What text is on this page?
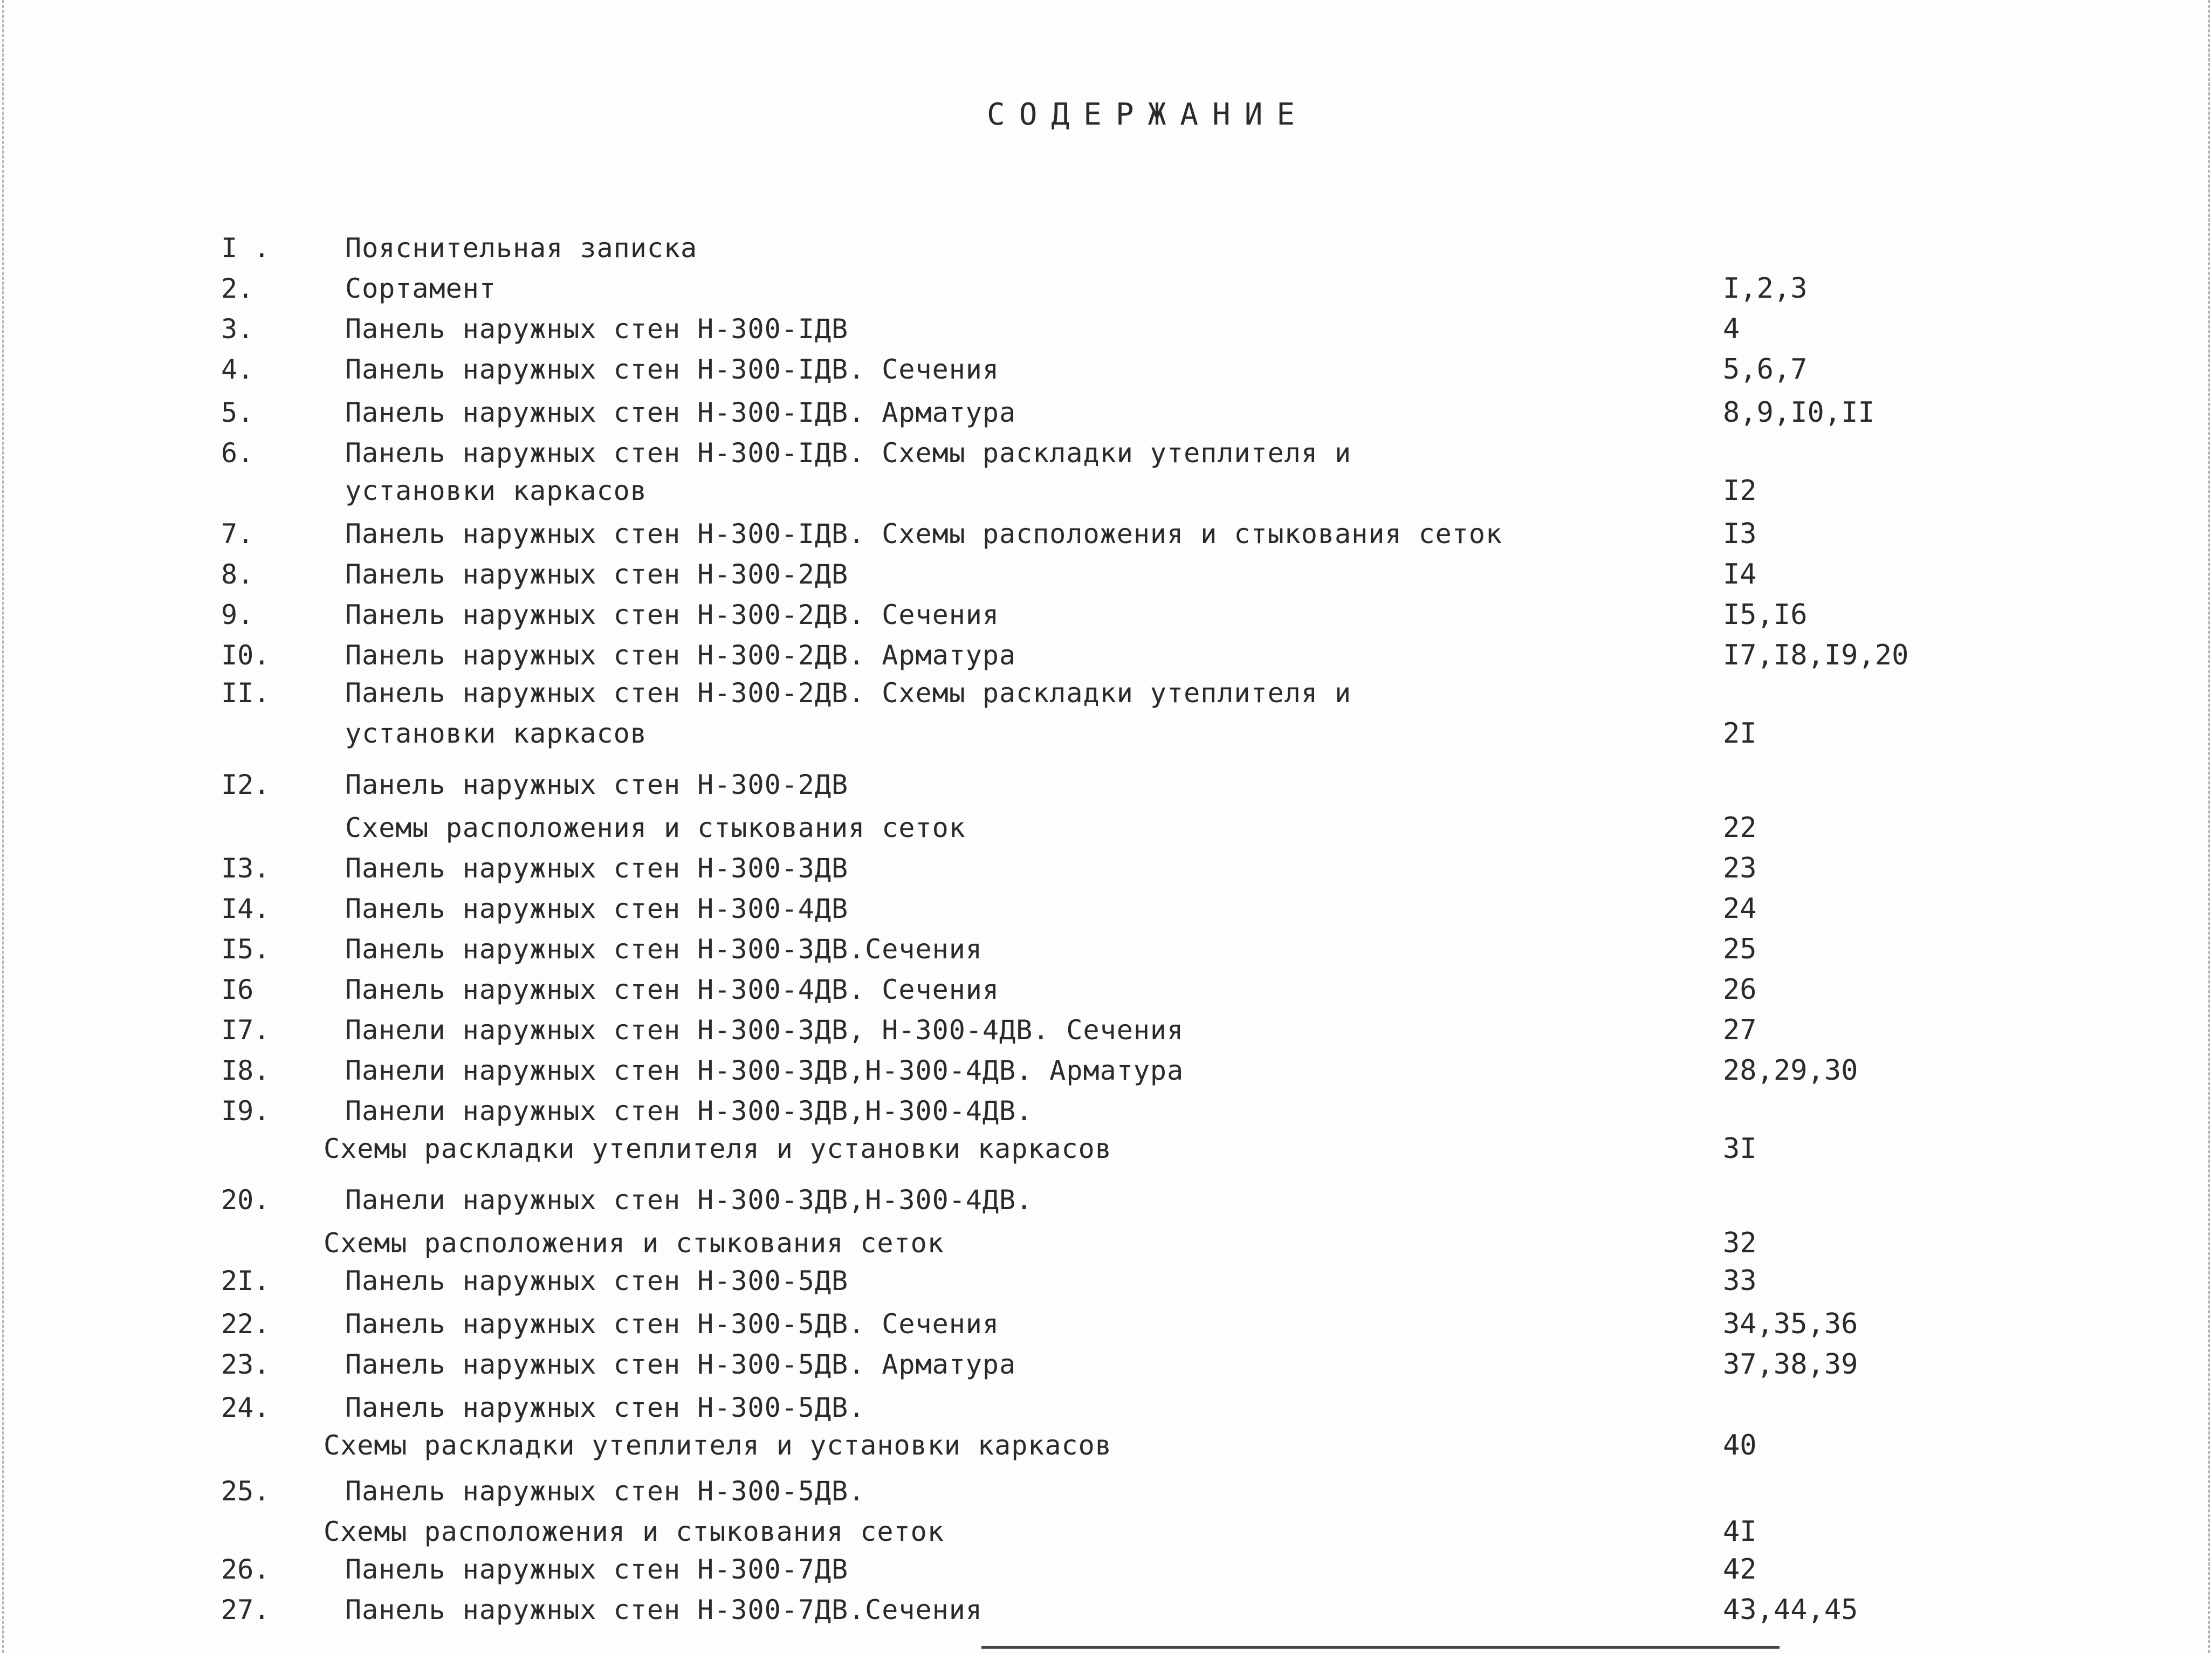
СОДЕРЖАНИЕ
I .	Пояснительная записка
2.	Сортамент	I,2,3
3.	Панель наружных стен Н-300-IДВ	4
4.	Панель наружных стен Н-300-IДВ. Сечения	5,6,7
5.	Панель наружных стен Н-300-IДВ. Арматура	8,9,I0,II
6.	Панель наружных стен Н-300-IДВ. Схемы раскладки утеплителя и
установки каркасов	I2
7.	Панель наружных стен Н-300-IДВ. Схемы расположения и стыкования сеток	I3
8.	Панель наружных стен Н-300-2ДВ	I4
9.	Панель наружных стен Н-300-2ДВ. Сечения	I5,I6
I0.	Панель наружных стен Н-300-2ДВ. Арматура	I7,I8,I9,20
II.	Панель наружных стен Н-300-2ДВ. Схемы раскладки утеплителя и
установки каркасов	2I
I2.	Панель наружных стен Н-300-2ДВ
Схемы расположения и стыкования сеток	22
I3.	Панель наружных стен Н-300-3ДВ	23
I4.	Панель наружных стен Н-300-4ДВ	24
I5.	Панель наружных стен Н-300-3ДВ.Сечения	25
I6	Панель наружных стен Н-300-4ДВ. Сечения	26
I7.	Панели наружных стен Н-300-3ДВ, Н-300-4ДВ. Сечения	27
I8.	Панели наружных стен Н-300-3ДВ,Н-300-4ДВ. Арматура	28,29,30
I9.	Панели наружных стен Н-300-3ДВ,Н-300-4ДВ.
Схемы раскладки утеплителя и установки каркасов	3I
20.	Панели наружных стен Н-300-3ДВ,Н-300-4ДВ.
Схемы расположения и стыкования сеток	32
2I.	Панель наружных стен Н-300-5ДВ	33
22.	Панель наружных стен Н-300-5ДВ. Сечения	34,35,36
23.	Панель наружных стен Н-300-5ДВ. Арматура	37,38,39
24.	Панель наружных стен Н-300-5ДВ.
Схемы раскладки утеплителя и установки каркасов	40
25.	Панель наружных стен Н-300-5ДВ.
Схемы расположения и стыкования сеток	4I
26.	Панель наружных стен Н-300-7ДВ	42
27.	Панель наружных стен Н-300-7ДВ.Сечения	43,44,45
